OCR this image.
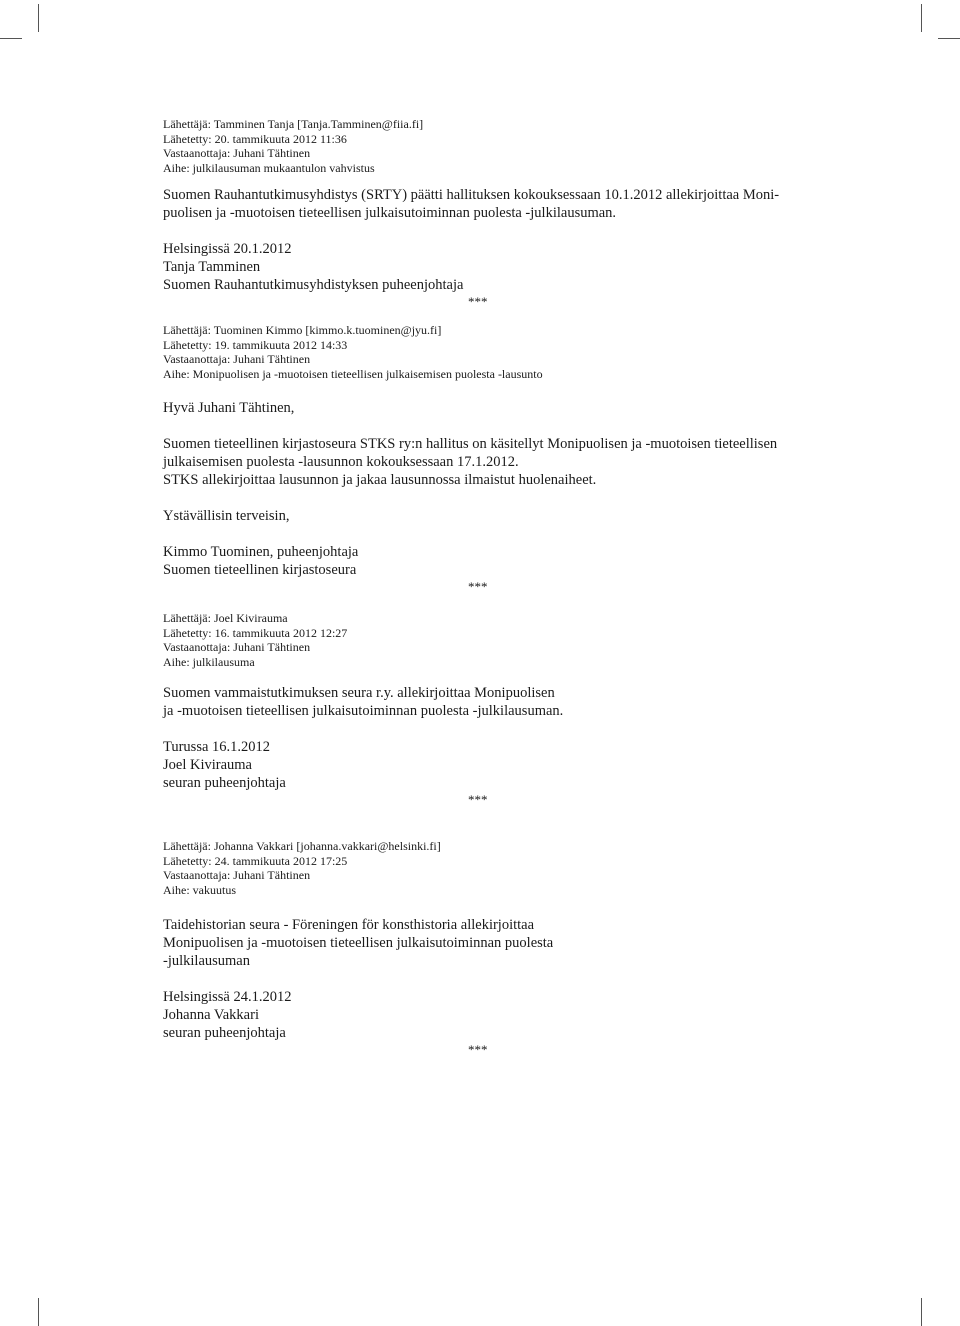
Lähettäjä: Tamminen Tanja [Tanja.Tamminen@fiia.fi]
Lähetetty: 20. tammikuuta 2012 11:36
Vastaanottaja: Juhani Tähtinen
Aihe: julkilausuman mukaantulon vahvistus
Suomen Rauhantutkimusyhdistys (SRTY) päätti hallituksen kokouksessaan 10.1.2012 allekirjoittaa Moni-
puolisen ja -muotoisen tieteellisen julkaisutoiminnan puolesta -julkilausuman.
Helsingissä 20.1.2012
Tanja Tamminen
Suomen Rauhantutkimusyhdistyksen puheenjohtaja
***
Lähettäjä: Tuominen Kimmo [kimmo.k.tuominen@jyu.fi]
Lähetetty: 19. tammikuuta 2012 14:33
Vastaanottaja: Juhani Tähtinen
Aihe: Monipuolisen ja -muotoisen tieteellisen julkaisemisen puolesta -lausunto
Hyvä Juhani Tähtinen,
Suomen tieteellinen kirjastoseura STKS ry:n hallitus on käsitellyt Monipuolisen ja -muotoisen tieteellisen
julkaisemisen puolesta -lausunnon kokouksessaan 17.1.2012.
STKS allekirjoittaa lausunnon ja jakaa lausunnossa ilmaistut huolenaiheet.
Ystävällisin terveisin,
Kimmo Tuominen, puheenjohtaja
Suomen tieteellinen kirjastoseura
***
Lähettäjä: Joel Kivirauma
Lähetetty: 16. tammikuuta 2012 12:27
Vastaanottaja: Juhani Tähtinen
Aihe: julkilausuma
Suomen vammaistutkimuksen seura r.y. allekirjoittaa Monipuolisen
ja -muotoisen tieteellisen julkaisutoiminnan puolesta -julkilausuman.
Turussa 16.1.2012
Joel Kivirauma
seuran puheenjohtaja
***
Lähettäjä: Johanna Vakkari [johanna.vakkari@helsinki.fi]
Lähetetty: 24. tammikuuta 2012 17:25
Vastaanottaja: Juhani Tähtinen
Aihe: vakuutus
Taidehistorian seura - Föreningen för konsthistoria allekirjoittaa
Monipuolisen ja -muotoisen tieteellisen julkaisutoiminnan puolesta
-julkilausuman
Helsingissä 24.1.2012
Johanna Vakkari
seuran puheenjohtaja
***
